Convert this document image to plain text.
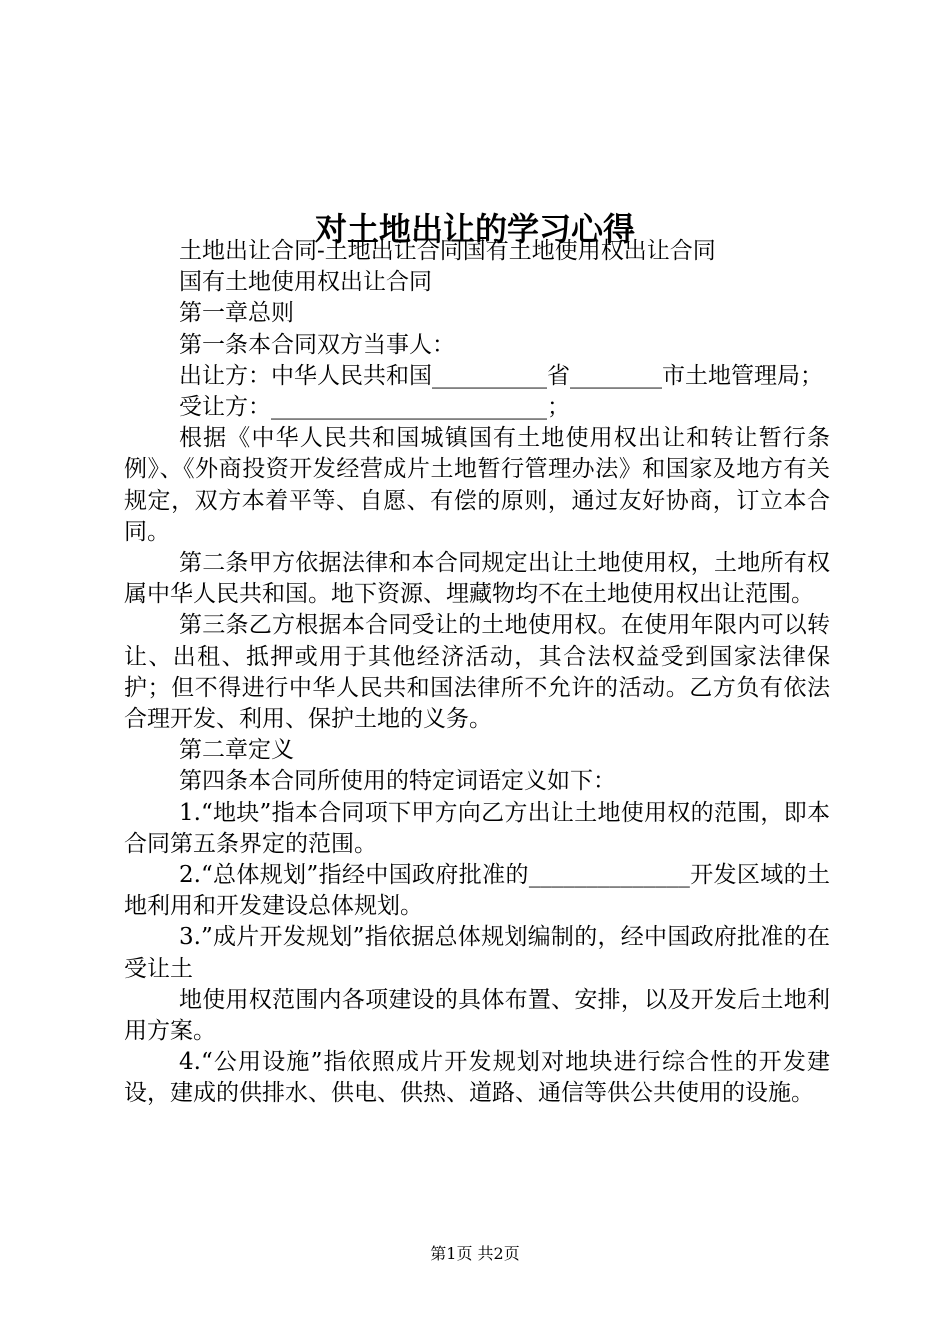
对土地出让的学习心得

土地出让合同-土地出让合同国有土地使用权出让合同

国有土地使用权出让合同

第一章总则

第一条本合同双方当事人：

出让方：中华人民共和国__________省________市土地管理局；

受让方：________________________；

根据《中华人民共和国城镇国有土地使用权出让和转让暂行条例》、《外商投资开发经营成片土地暂行管理办法》和国家及地方有关规定，双方本着平等、自愿、有偿的原则，通过友好协商，订立本合同。

第二条甲方依据法律和本合同规定出让土地使用权，土地所有权属中华人民共和国。地下资源、埋藏物均不在土地使用权出让范围。

第三条乙方根据本合同受让的土地使用权。在使用年限内可以转让、出租、抵押或用于其他经济活动，其合法权益受到国家法律保护；但不得进行中华人民共和国法律所不允许的活动。乙方负有依法合理开发、利用、保护土地的义务。

第二章定义

第四条本合同所使用的特定词语定义如下：

1.“地块”指本合同项下甲方向乙方出让土地使用权的范围，即本合同第五条界定的范围。

2.“总体规划”指经中国政府批准的______________开发区域的土地利用和开发建设总体规划。

3.”成片开发规划”指依据总体规划编制的，经中国政府批准的在受让土

地使用权范围内各项建设的具体布置、安排，以及开发后土地利用方案。

4.“公用设施”指依照成片开发规划对地块进行综合性的开发建设，建成的供排水、供电、供热、道路、通信等供公共使用的设施。

第1页 共2页
